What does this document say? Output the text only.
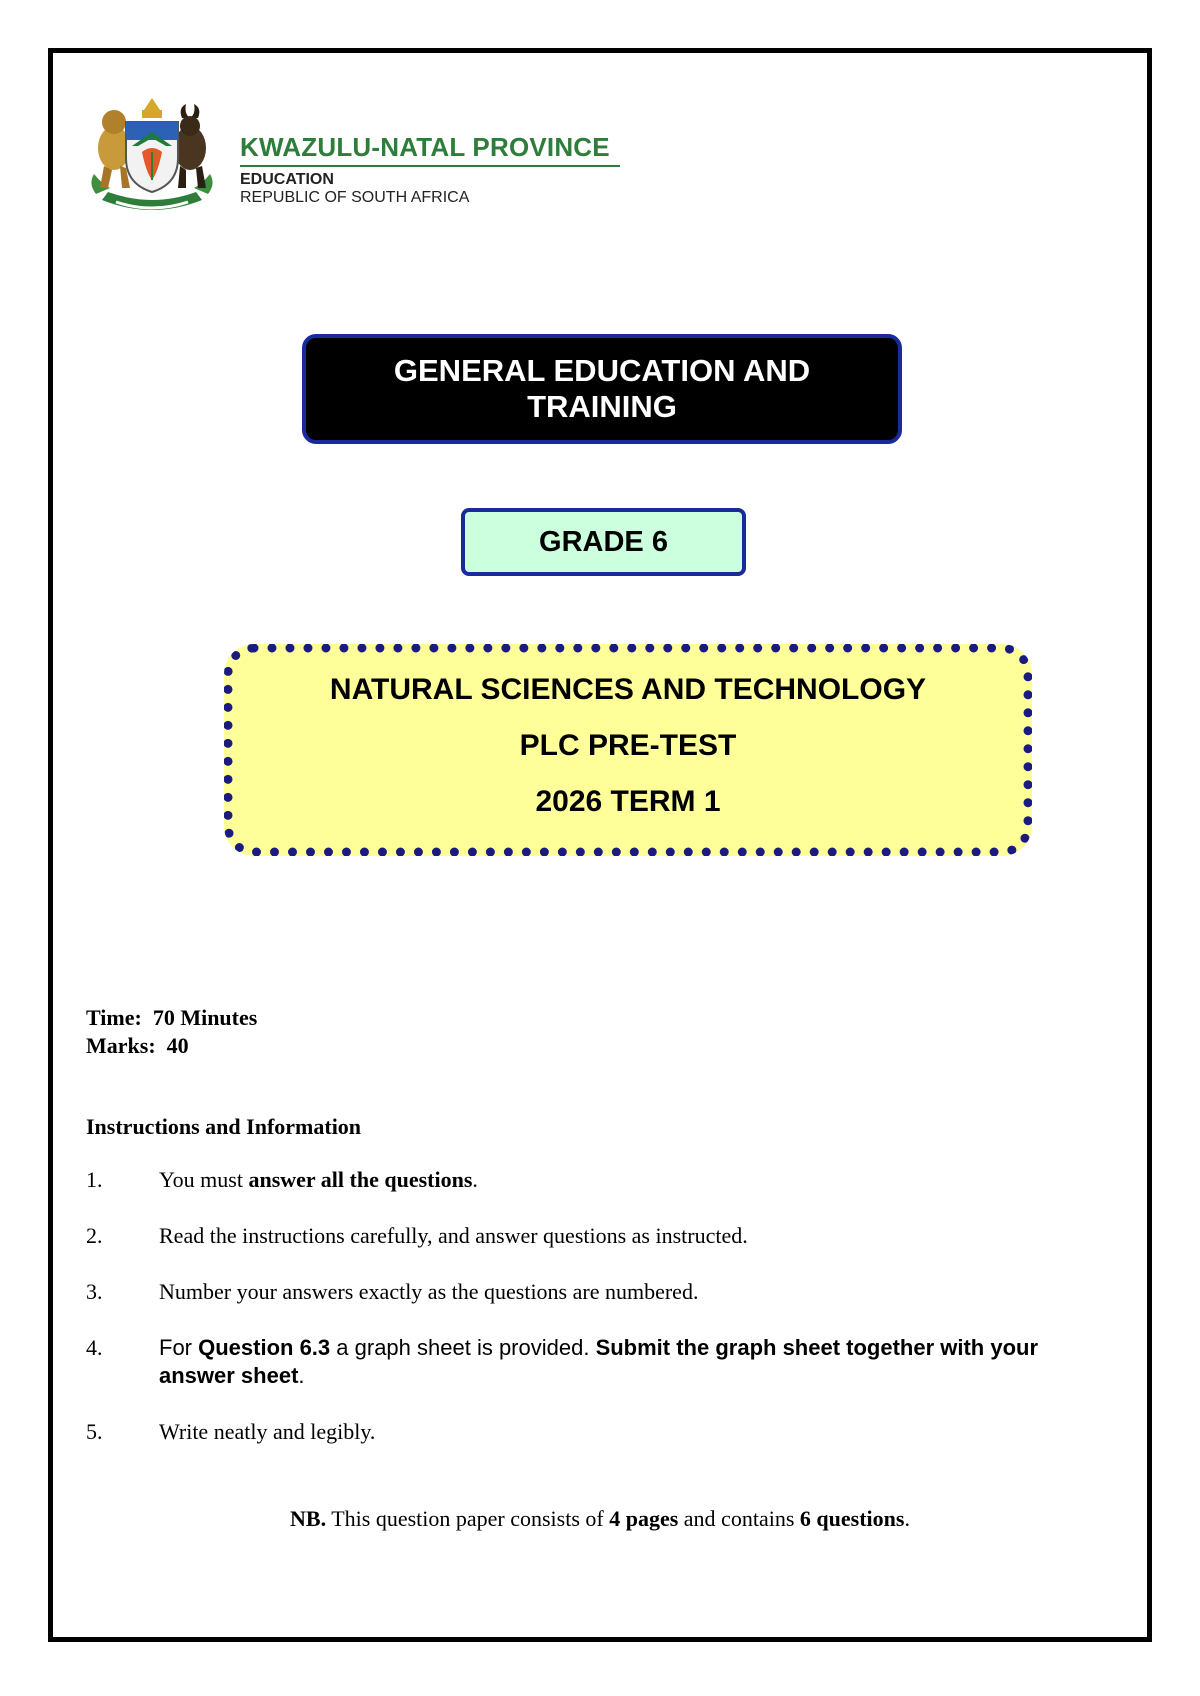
KWAZULU-NATAL PROVINCE
EDUCATION
REPUBLIC OF SOUTH AFRICA
GENERAL EDUCATION AND TRAINING
GRADE 6
NATURAL SCIENCES AND TECHNOLOGY
PLC PRE-TEST
2026 TERM 1
Time: 70 Minutes
Marks: 40
Instructions and Information
1.	You must answer all the questions.
2.	Read the instructions carefully, and answer questions as instructed.
3.	Number your answers exactly as the questions are numbered.
4.	For Question 6.3 a graph sheet is provided. Submit the graph sheet together with your answer sheet.
5.	Write neatly and legibly.
NB. This question paper consists of 4 pages and contains 6 questions.
